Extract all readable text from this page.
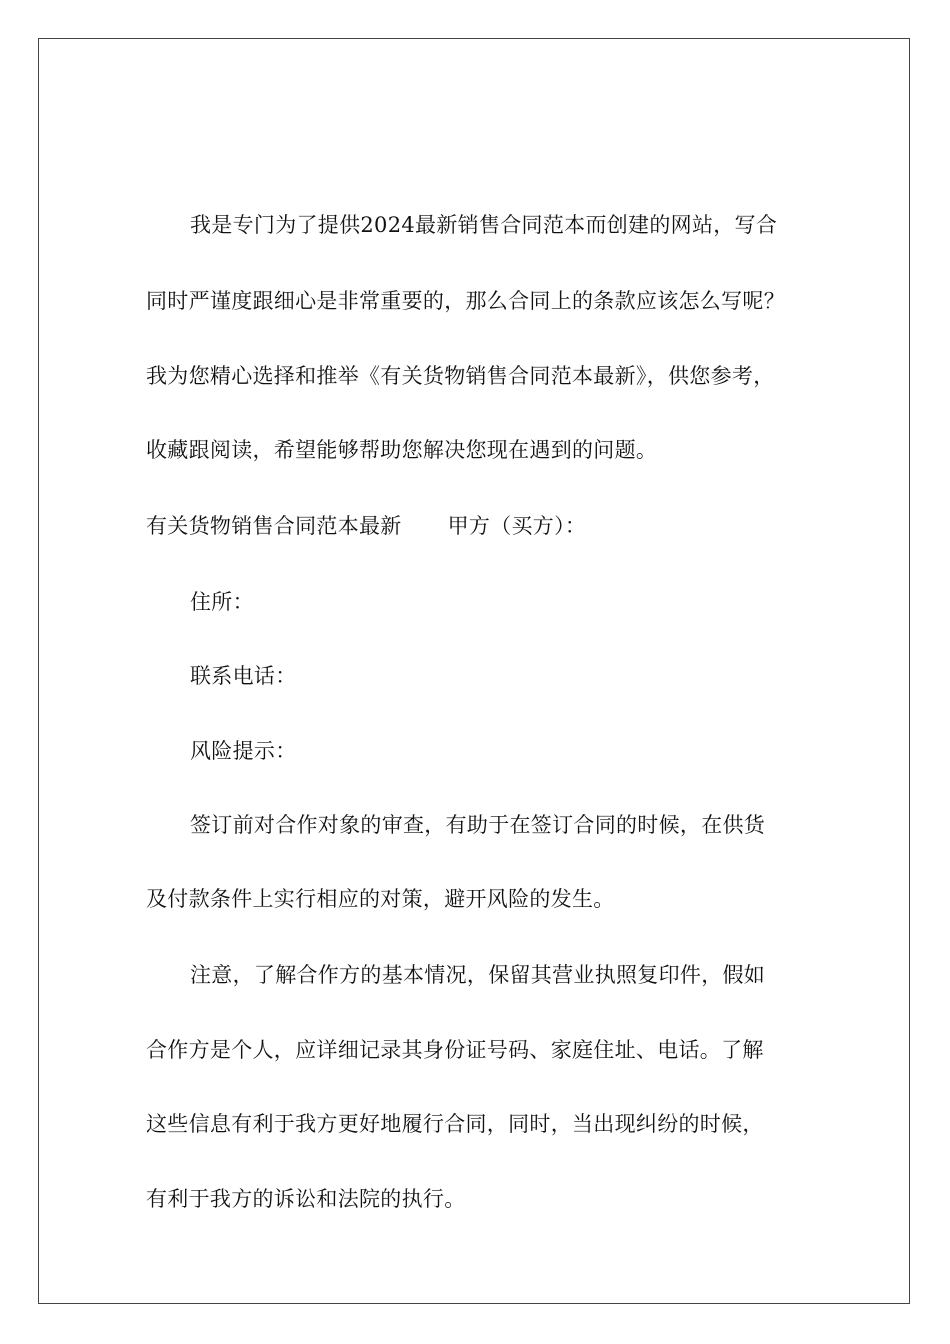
我是专门为了提供2024最新销售合同范本而创建的网站，写合
同时严谨度跟细心是非常重要的，那么合同上的条款应该怎么写呢？
我为您精心选择和推举《有关货物销售合同范本最新》，供您参考，
收藏跟阅读，希望能够帮助您解决您现在遇到的问题。
有关货物销售合同范本最新 甲方（买方）：
住所：
联系电话：
风险提示：
签订前对合作对象的审查，有助于在签订合同的时候，在供货
及付款条件上实行相应的对策，避开风险的发生。
注意，了解合作方的基本情况，保留其营业执照复印件，假如
合作方是个人，应详细记录其身份证号码、家庭住址、电话。了解
这些信息有利于我方更好地履行合同，同时，当出现纠纷的时候，
有利于我方的诉讼和法院的执行。
